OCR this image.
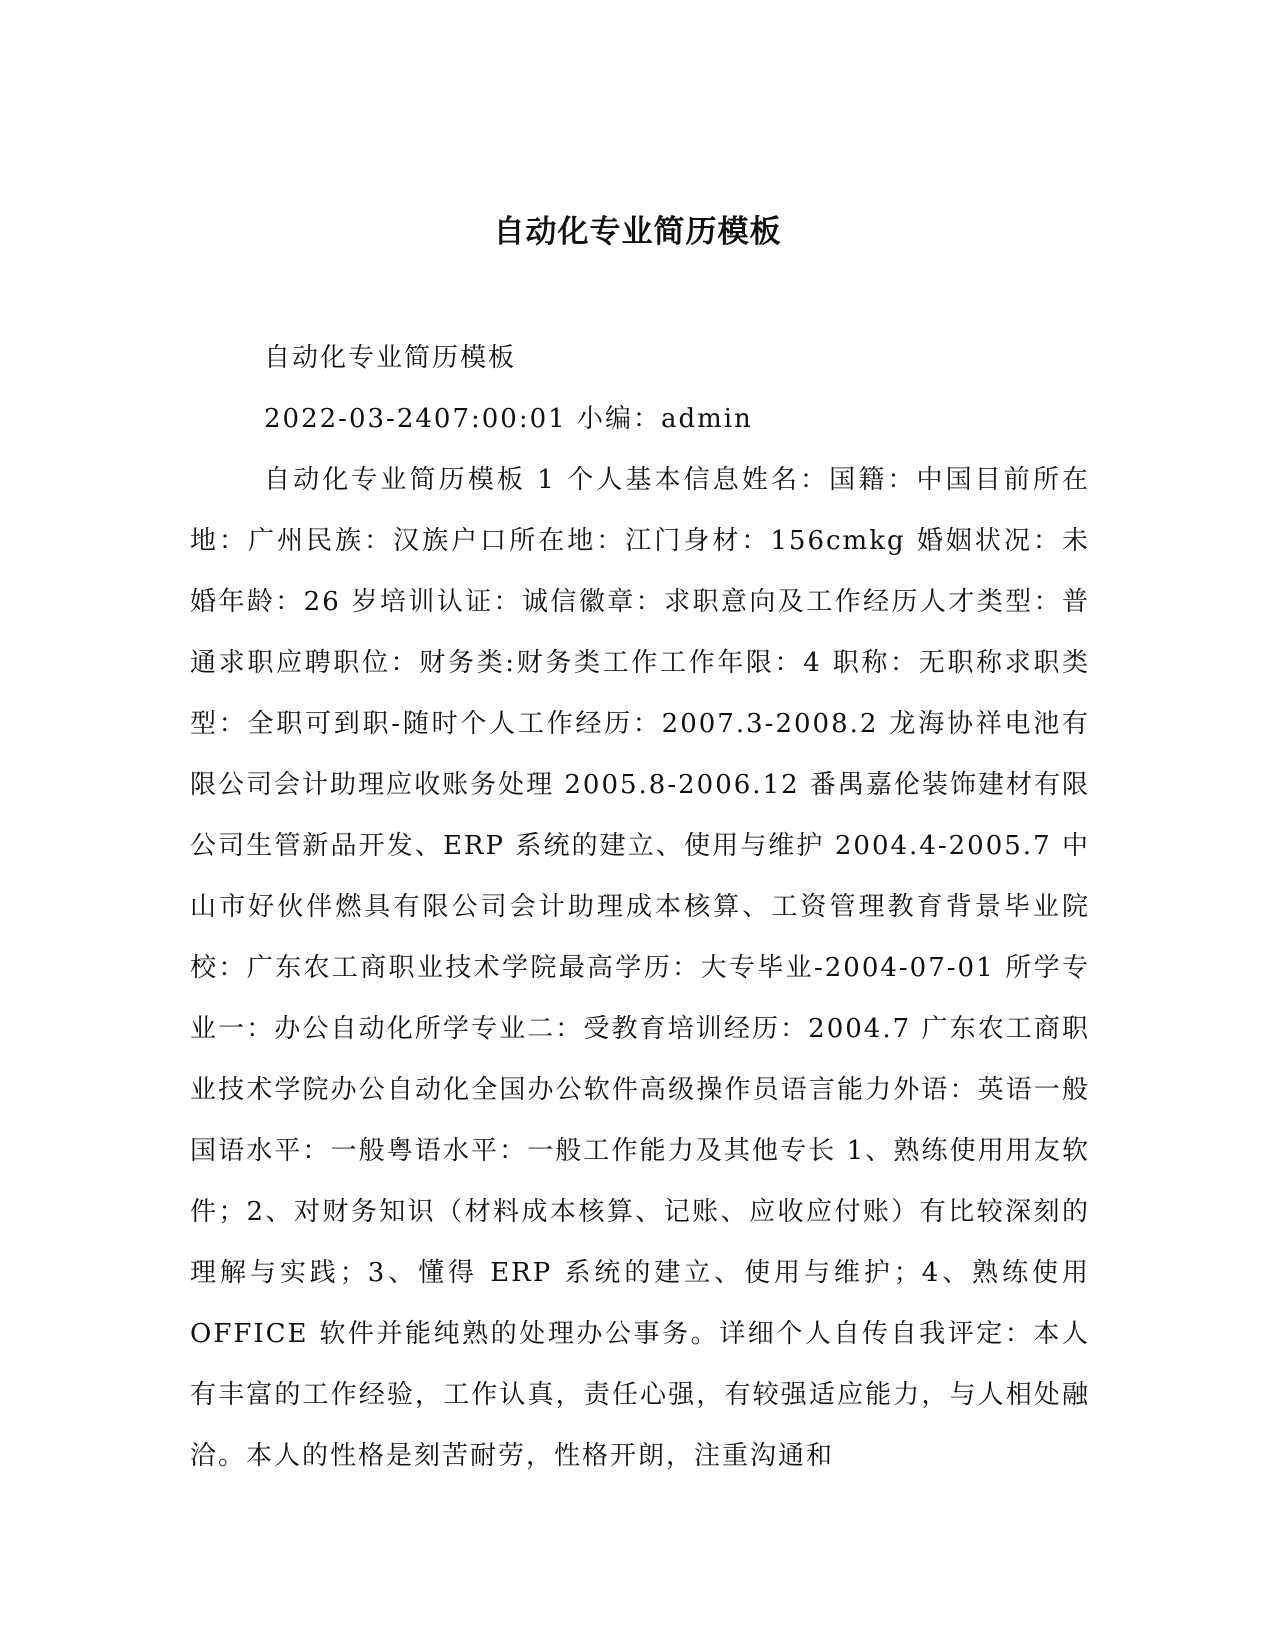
自动化专业简历模板

自动化专业简历模板

2022-03-2407:00:01 小编：admin

自动化专业简历模板 1 个人基本信息姓名：国籍：中国目前所在地：广州民族：汉族户口所在地：江门身材：156cmkg 婚姻状况：未婚年龄：26 岁培训认证：诚信徽章：求职意向及工作经历人才类型：普通求职应聘职位：财务类:财务类工作工作年限：4 职称：无职称求职类型：全职可到职-随时个人工作经历：2007.3-2008.2 龙海协祥电池有限公司会计助理应收账务处理 2005.8-2006.12 番禺嘉伦装饰建材有限公司生管新品开发、ERP 系统的建立、使用与维护 2004.4-2005.7 中山市好伙伴燃具有限公司会计助理成本核算、工资管理教育背景毕业院校：广东农工商职业技术学院最高学历：大专毕业-2004-07-01 所学专业一：办公自动化所学专业二：受教育培训经历：2004.7 广东农工商职业技术学院办公自动化全国办公软件高级操作员语言能力外语：英语一般国语水平：一般粤语水平：一般工作能力及其他专长 1、熟练使用用友软件；2、对财务知识（材料成本核算、记账、应收应付账）有比较深刻的理解与实践；3、懂得 ERP 系统的建立、使用与维护；4、熟练使用 OFFICE 软件并能纯熟的处理办公事务。详细个人自传自我评定：本人有丰富的工作经验，工作认真，责任心强，有较强适应能力，与人相处融洽。本人的性格是刻苦耐劳，性格开朗，注重沟通和
